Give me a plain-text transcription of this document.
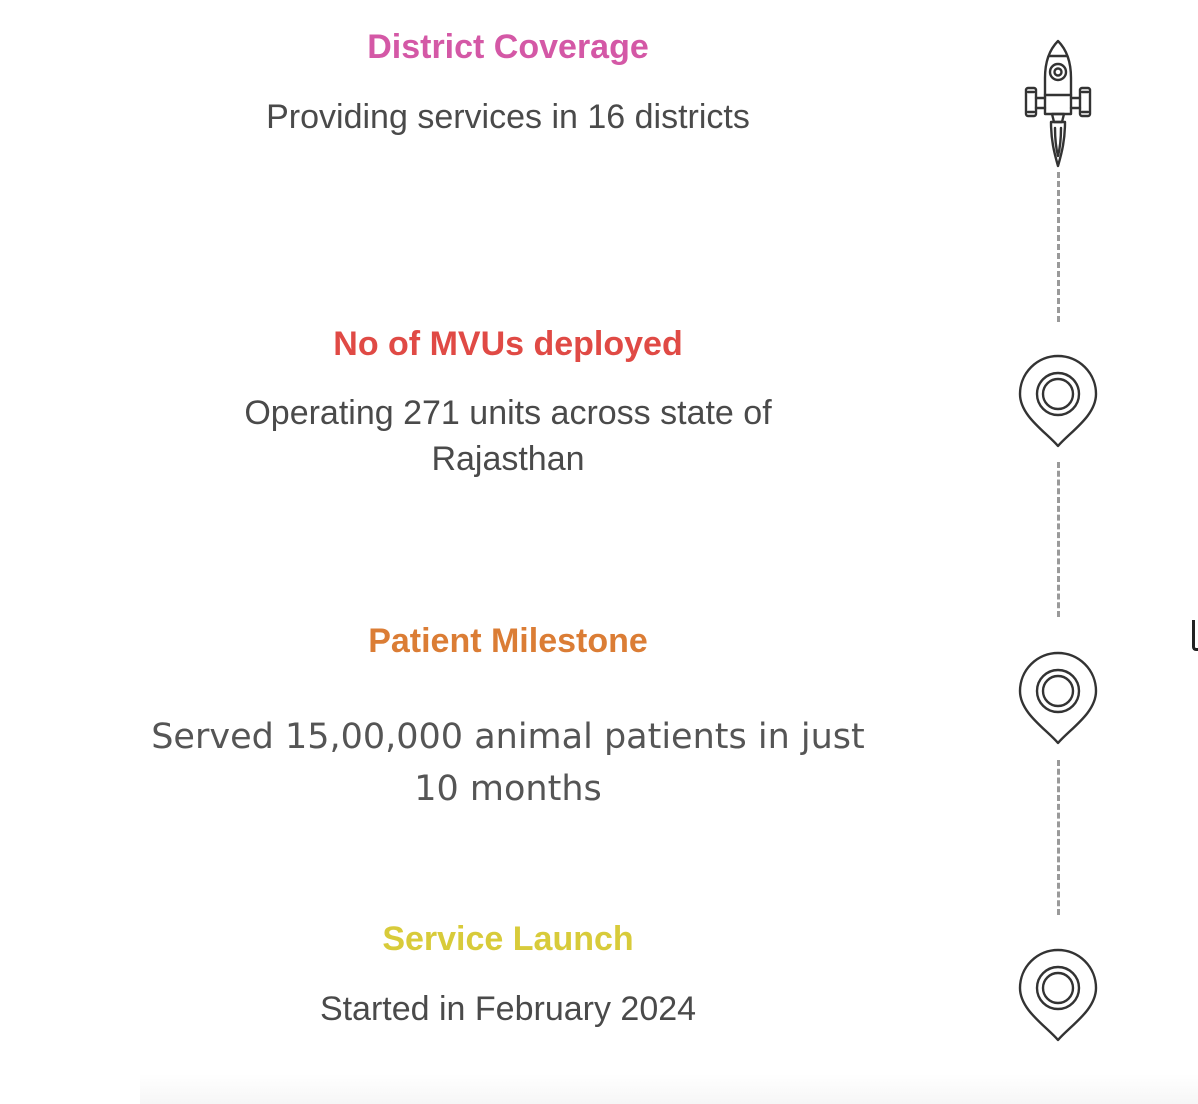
District Coverage
Providing services in 16 districts
No of MVUs deployed
Operating 271 units across state of Rajasthan
Patient Milestone
Served 15,00,000 animal patients in just 10 months
Service Launch
Started in February 2024
